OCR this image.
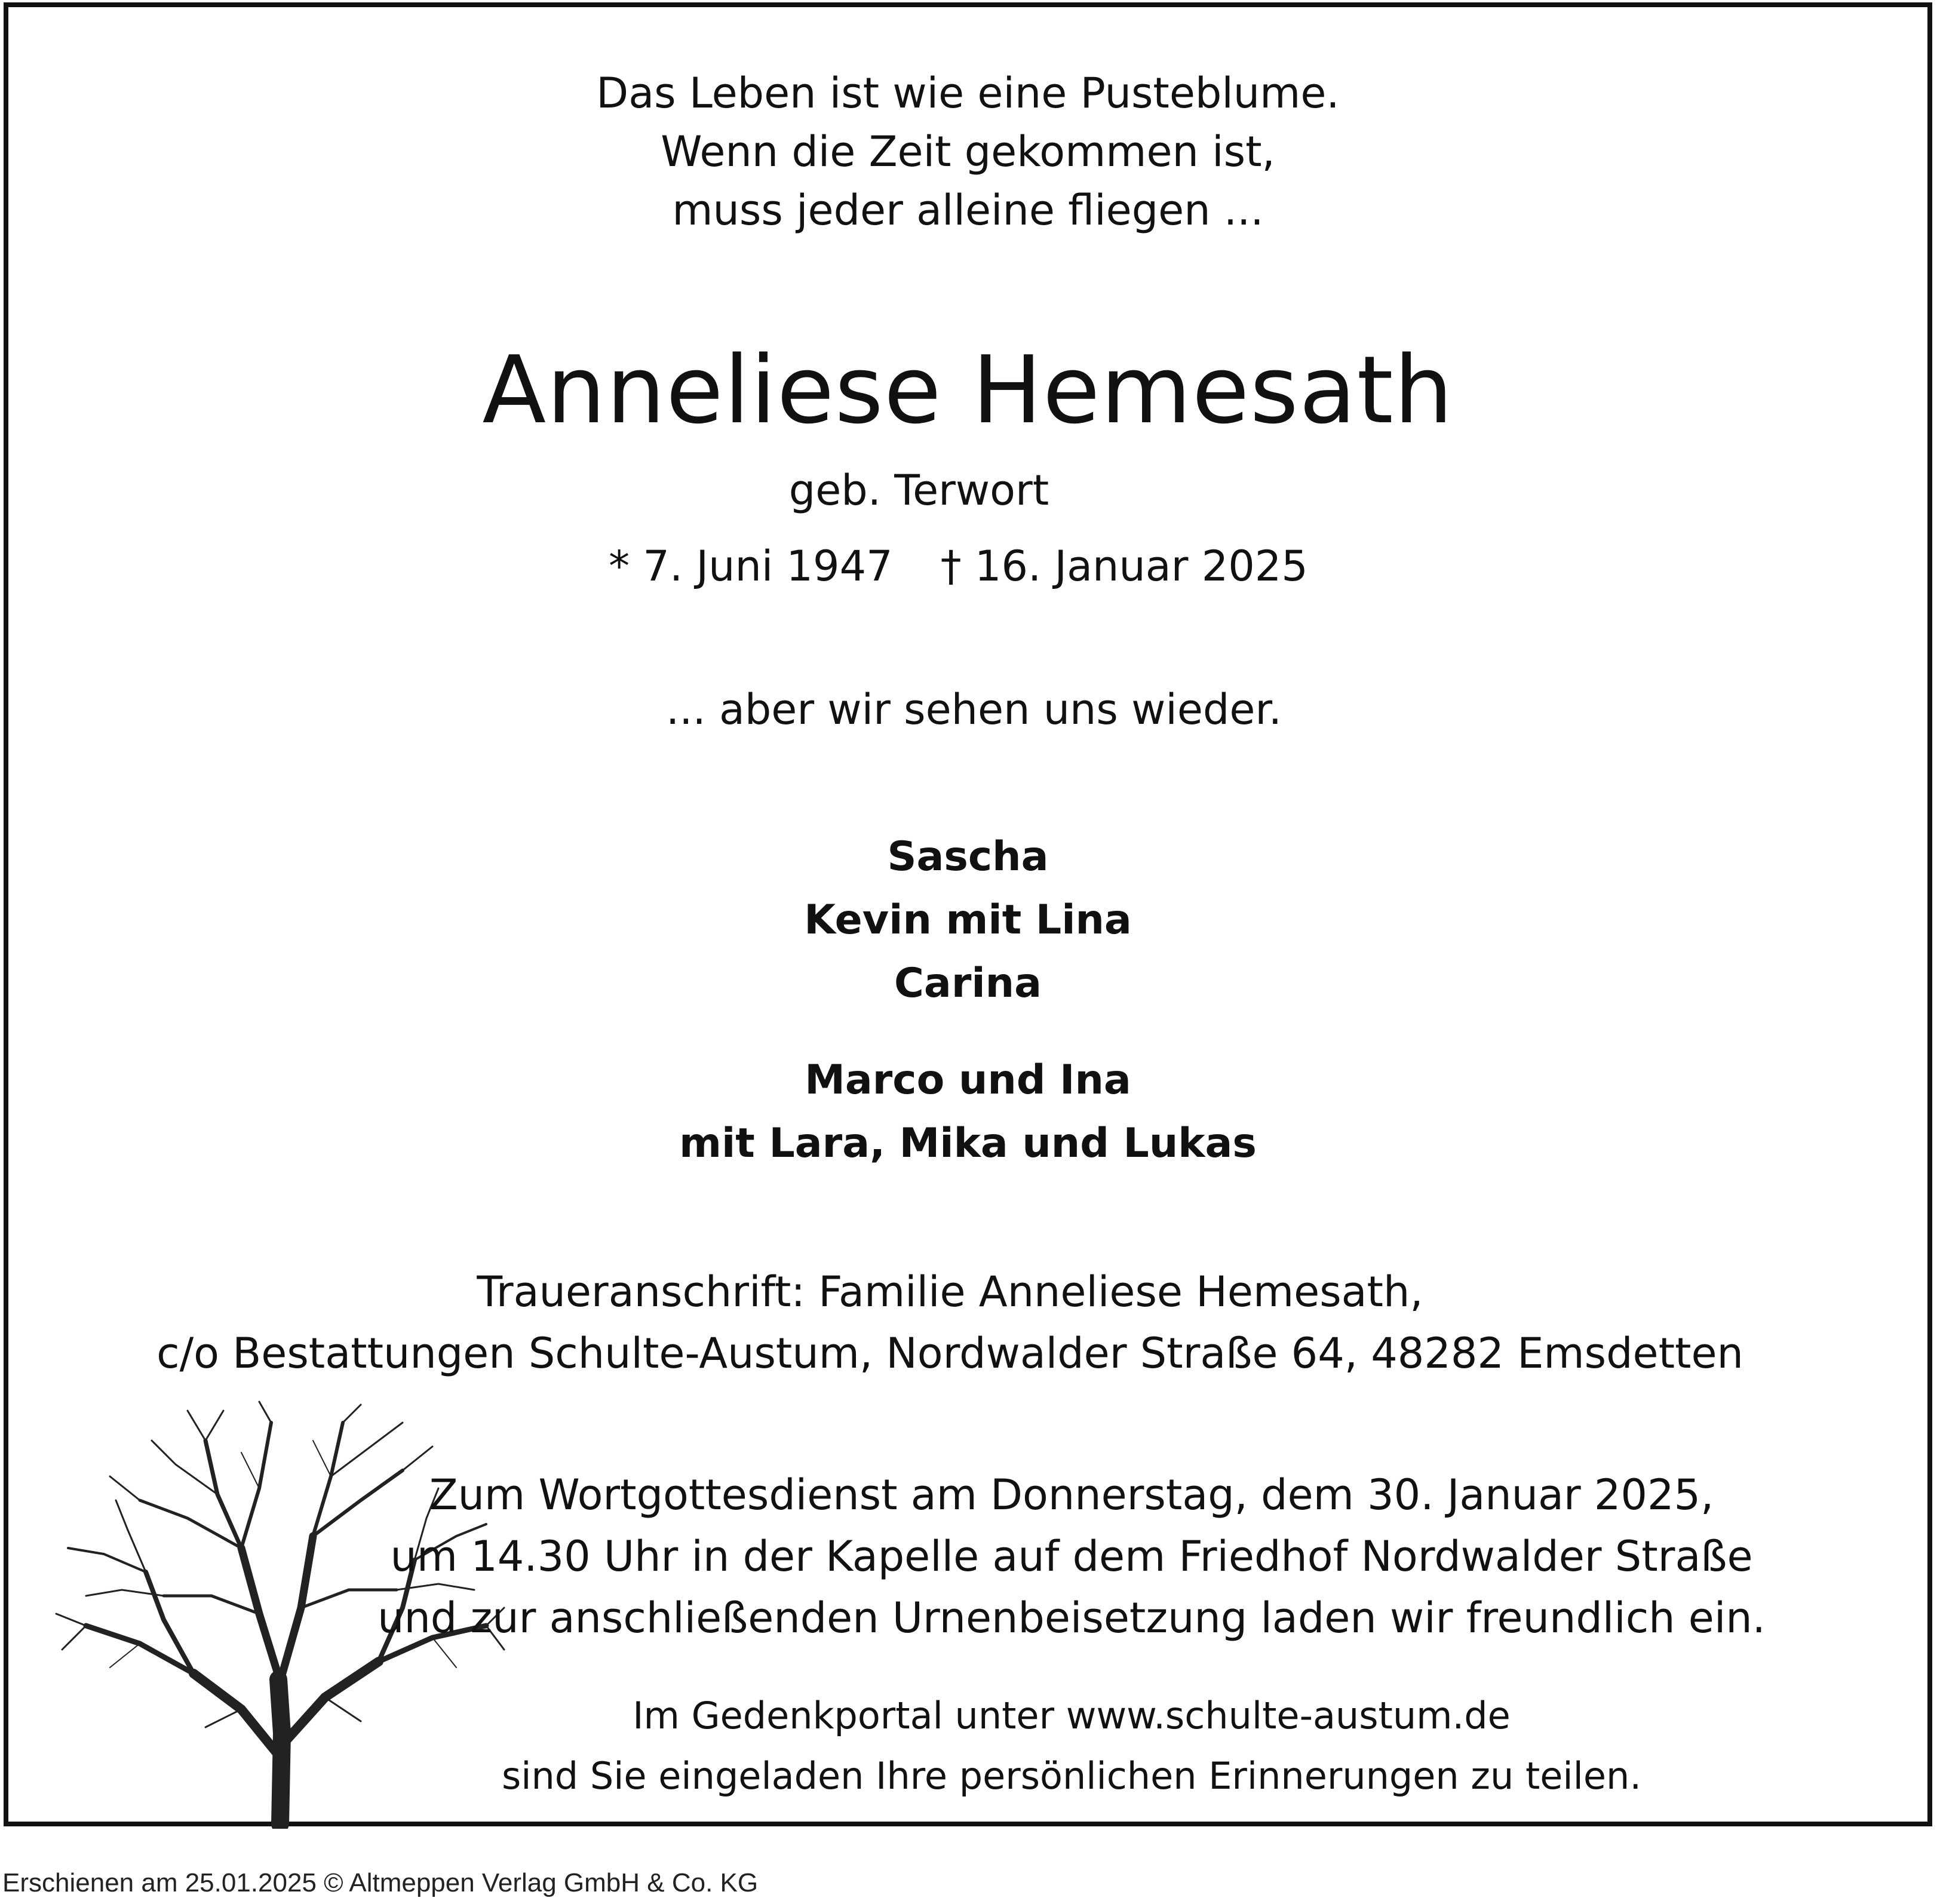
Das Leben ist wie eine Pusteblume.
Wenn die Zeit gekommen ist,
muss jeder alleine fliegen ...
Anneliese Hemesath
geb. Terwort
* 7. Juni 1947 † 16. Januar 2025
... aber wir sehen uns wieder.
Sascha
Kevin mit Lina
Carina
Marco und Ina
mit Lara, Mika und Lukas
Traueranschrift: Familie Anneliese Hemesath,
c/o Bestattungen Schulte-Austum, Nordwalder Straße 64, 48282 Emsdetten
Zum Wortgottesdienst am Donnerstag, dem 30. Januar 2025,
um 14.30 Uhr in der Kapelle auf dem Friedhof Nordwalder Straße
und zur anschließenden Urnenbeisetzung laden wir freundlich ein.
Im Gedenkportal unter www.schulte-austum.de
sind Sie eingeladen Ihre persönlichen Erinnerungen zu teilen.
Erschienen am 25.01.2025 © Altmeppen Verlag GmbH & Co. KG
